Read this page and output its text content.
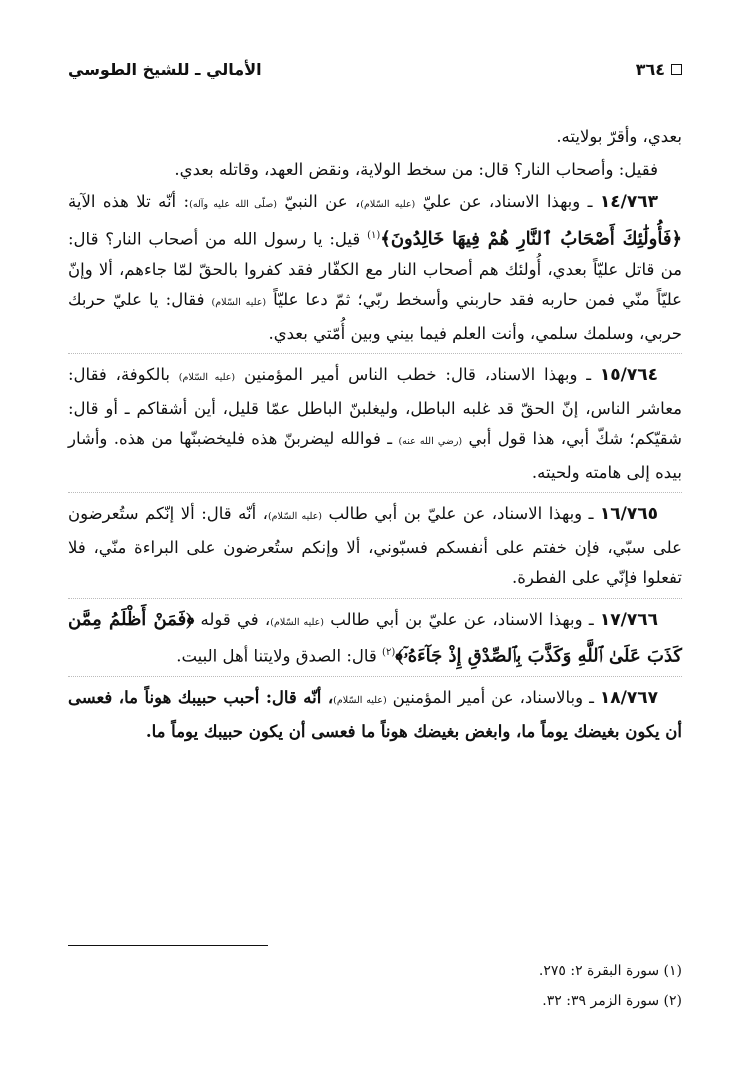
٣٦٤
الأمالي ـ للشيخ الطوسي

بعدي، وأقرّ بولايته.

فقيل: وأصحاب النار؟ قال: من سخط الولاية، ونقض العهد، وقاتله بعدي.

١٤/٧٦٣ ـ وبهذا الاسناد، عن عليّ (عليه السّلام)، عن النبيّ (صلّى الله عليه وآله): أنّه تلا هذه الآية ﴿فَأُولَٰئِكَ أَصْحَابُ ٱلنَّارِ هُمْ فِيهَا خَالِدُونَ﴾$^{(١)}$ قيل: يا رسول الله من أصحاب النار؟ قال: من قاتل عليّاً بعدي، أُولئك هم أصحاب النار مع الكفّار فقد كفروا بالحقّ لمّا جاءهم، ألا وإنّ عليّاً منّي فمن حاربه فقد حاربني وأسخط ربّي؛ ثمّ دعا عليّاً (عليه السّلام) فقال: يا عليّ حربك حربي، وسلمك سلمي، وأنت العلم فيما بيني وبين أُمّتي بعدي.

١٥/٧٦٤ ـ وبهذا الاسناد، قال: خطب الناس أمير المؤمنين (عليه السّلام) بالكوفة، فقال: معاشر الناس، إنّ الحقّ قد غلبه الباطل، وليغلبنّ الباطل عمّا قليل، أين أشقاكم ـ أو قال: شقيّكم؛ شكّ أبي، هذا قول أبي (رضي الله عنه) ـ فوالله ليضربنّ هذه فليخضبنّها من هذه. وأشار بيده إلى هامته ولحيته.

١٦/٧٦٥ ـ وبهذا الاسناد، عن عليّ بن أبي طالب (عليه السّلام)، أنّه قال: ألا إنّكم ستُعرضون على سبّي، فإن خفتم على أنفسكم فسبّوني، ألا وإنكم ستُعرضون على البراءة منّي، فلا تفعلوا فإنّي على الفطرة.

١٧/٧٦٦ ـ وبهذا الاسناد، عن عليّ بن أبي طالب (عليه السّلام)، في قوله ﴿فَمَنْ أَظْلَمُ مِمَّن كَذَبَ عَلَىٰ ٱللَّهِ وَكَذَّبَ بِٱلصِّدْقِ إِذْ جَآءَهُۥٓ﴾$^{(٢)}$ قال: الصدق ولايتنا أهل البيت.

١٨/٧٦٧ ـ وبالاسناد، عن أمير المؤمنين (عليه السّلام)، أنّه قال: أحبب حبيبك هوناً ما، فعسى أن يكون بغيضك يوماً ما، وابغض بغيضك هوناً ما فعسى أن يكون حبيبك يوماً ما.

(١) سورة البقرة ٢: ٢٧٥.

(٢) سورة الزمر ٣٩: ٣٢.
